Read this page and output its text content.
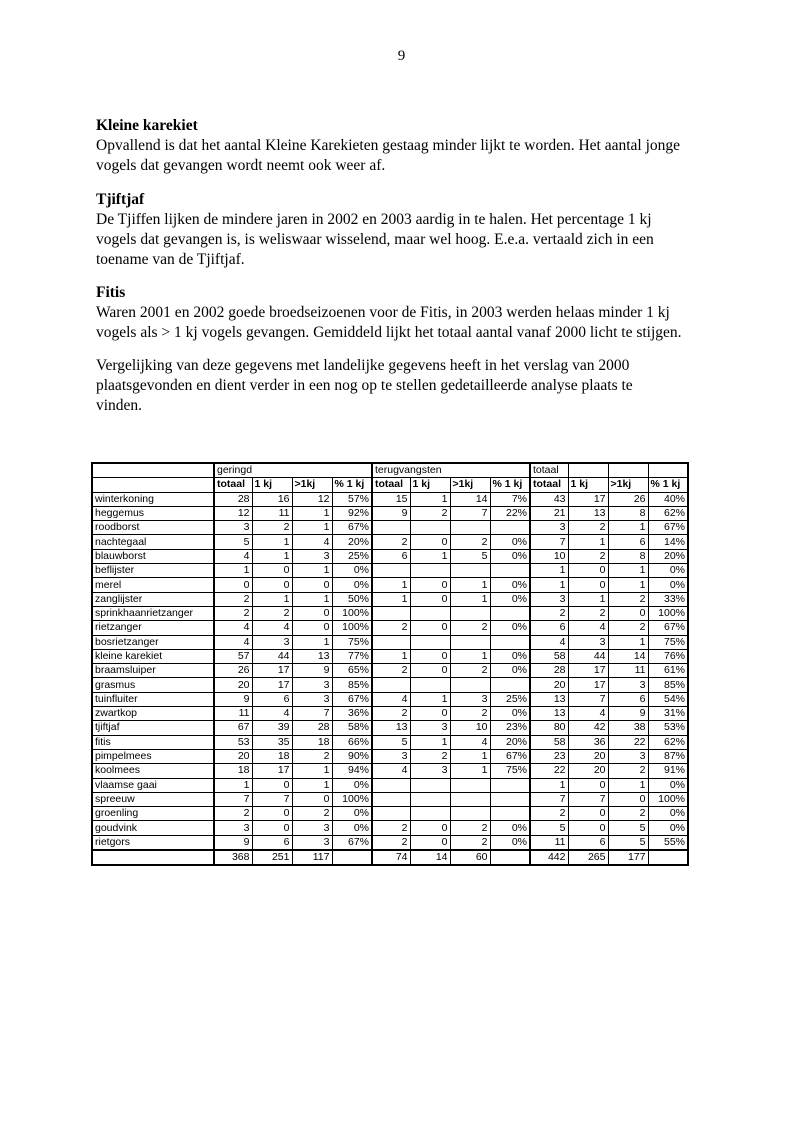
9
Kleine karekiet

Opvallend is dat het aantal Kleine Karekieten gestaag minder lijkt te worden. Het aantal jonge

vogels dat gevangen wordt neemt ook weer af.

Tjiftjaf

De Tjiffen lijken de mindere jaren in 2002 en 2003 aardig in te halen. Het percentage 1 kj

vogels dat gevangen is, is weliswaar wisselend, maar wel hoog. E.e.a. vertaald zich in een

toename van de Tjiftjaf.

Fitis

Waren 2001 en 2002 goede broedseizoenen voor de Fitis, in 2003 werden helaas minder 1 kj

vogels als > 1 kj vogels gevangen. Gemiddeld lijkt het totaal aantal vanaf 2000 licht te stijgen.

Vergelijking van deze gegevens met landelijke gegevens heeft in het verslag van 2000

plaatsgevonden en dient verder in een nog op te stellen gedetailleerde analyse plaats te

vinden.

	geringd				terugvangsten				totaal			
	totaal	1 kj	>1kj	% 1 kj	totaal	1 kj	>1kj	% 1 kj	totaal	1 kj	>1kj	% 1 kj
winterkoning	28	16	12	57%	15	1	14	7%	43	17	26	40%
heggemus	12	11	1	92%	9	2	7	22%	21	13	8	62%
roodborst	3	2	1	67%					3	2	1	67%
nachtegaal	5	1	4	20%	2	0	2	0%	7	1	6	14%
blauwborst	4	1	3	25%	6	1	5	0%	10	2	8	20%
beflijster	1	0	1	0%					1	0	1	0%
merel	0	0	0	0%	1	0	1	0%	1	0	1	0%
zanglijster	2	1	1	50%	1	0	1	0%	3	1	2	33%
sprinkhaanrietzanger	2	2	0	100%					2	2	0	100%
rietzanger	4	4	0	100%	2	0	2	0%	6	4	2	67%
bosrietzanger	4	3	1	75%					4	3	1	75%
kleine karekiet	57	44	13	77%	1	0	1	0%	58	44	14	76%
braamsluiper	26	17	9	65%	2	0	2	0%	28	17	11	61%
grasmus	20	17	3	85%					20	17	3	85%
tuinfluiter	9	6	3	67%	4	1	3	25%	13	7	6	54%
zwartkop	11	4	7	36%	2	0	2	0%	13	4	9	31%
tjiftjaf	67	39	28	58%	13	3	10	23%	80	42	38	53%
fitis	53	35	18	66%	5	1	4	20%	58	36	22	62%
pimpelmees	20	18	2	90%	3	2	1	67%	23	20	3	87%
koolmees	18	17	1	94%	4	3	1	75%	22	20	2	91%
vlaamse gaai	1	0	1	0%					1	0	1	0%
spreeuw	7	7	0	100%					7	7	0	100%
groenling	2	0	2	0%					2	0	2	0%
goudvink	3	0	3	0%	2	0	2	0%	5	0	5	0%
rietgors	9	6	3	67%	2	0	2	0%	11	6	5	55%
	368	251	117		74	14	60		442	265	177	
